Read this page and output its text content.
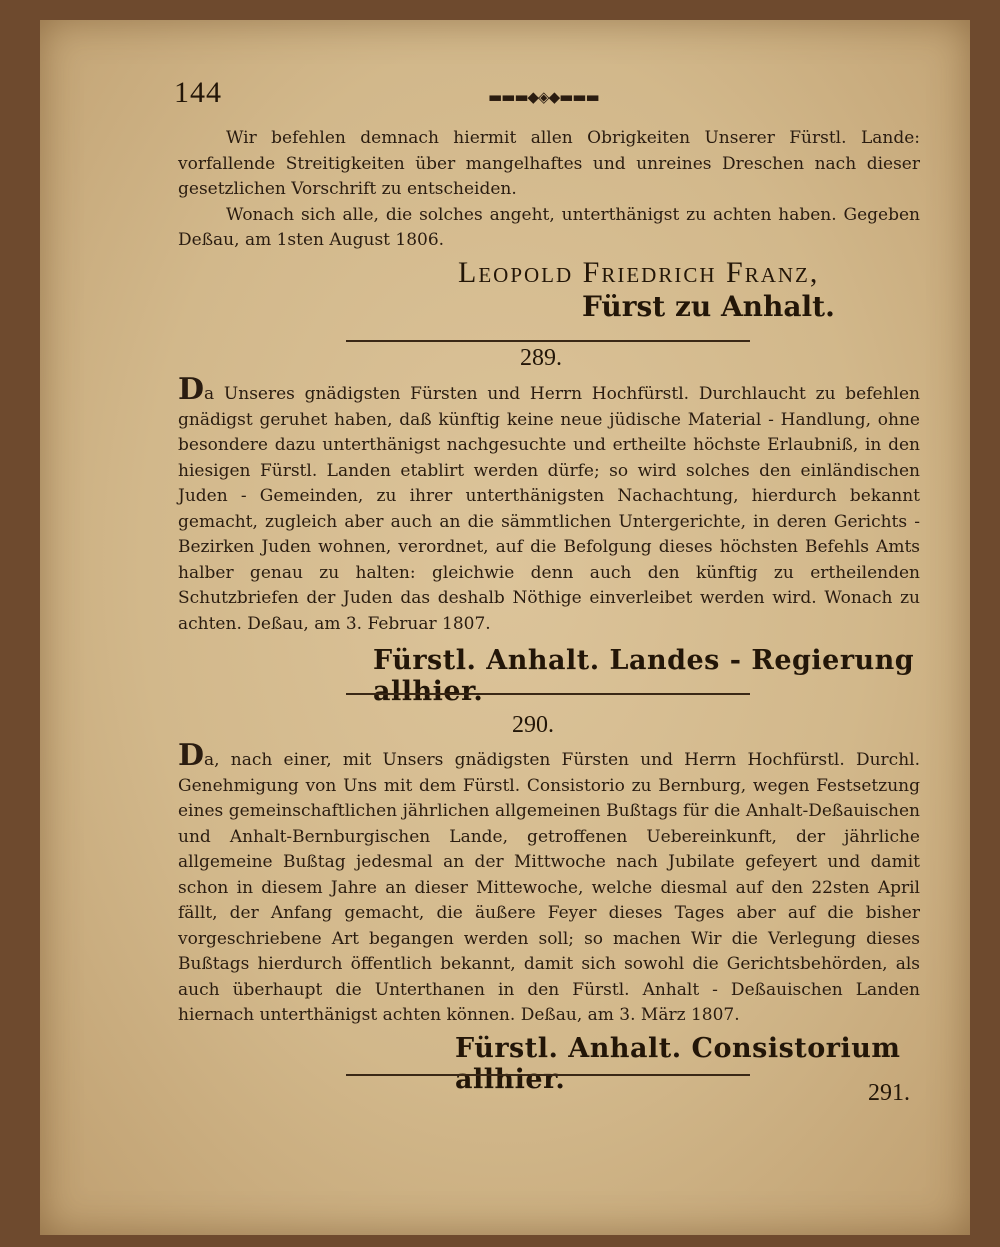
144	▬▬▬◆◈◆▬▬▬

Wir befehlen demnach hiermit allen Obrigkeiten Unserer Fürstl. Lande: vorfallende Streitigkeiten über mangelhaftes und unreines Dreschen nach dieser gesetzlichen Vorschrift zu entscheiden.

Wonach sich alle, die solches angeht, unterthänigst zu achten haben. Gegeben Deßau, am 1sten August 1806.

Leopold Friedrich Franz,
Fürst zu Anhalt.
289.

Da Unseres gnädigsten Fürsten und Herrn Hochfürstl. Durchlaucht zu befehlen gnädigst geruhet haben, daß künftig keine neue jüdische Material - Handlung, ohne besondere dazu unterthänigst nachgesuchte und ertheilte höchste Erlaubniß, in den hiesigen Fürstl. Landen etablirt werden dürfe; so wird solches den einländischen Juden - Gemeinden, zu ihrer unterthänigsten Nachachtung, hierdurch bekannt gemacht, zugleich aber auch an die sämmtlichen Untergerichte, in deren Gerichts - Bezirken Juden wohnen, verordnet, auf die Befolgung dieses höchsten Befehls Amts halber genau zu halten: gleichwie denn auch den künftig zu ertheilenden Schutzbriefen der Juden das deshalb Nöthige einverleibet werden wird. Wonach zu achten. Deßau, am 3. Februar 1807.

Fürstl. Anhalt. Landes - Regierung allhier.
290.

Da, nach einer, mit Unsers gnädigsten Fürsten und Herrn Hochfürstl. Durchl. Genehmigung von Uns mit dem Fürstl. Consistorio zu Bernburg, wegen Festsetzung eines gemeinschaftlichen jährlichen allgemeinen Bußtags für die Anhalt-Deßauischen und Anhalt-Bernburgischen Lande, getroffenen Uebereinkunft, der jährliche allgemeine Bußtag jedesmal an der Mittwoche nach Jubilate gefeyert und damit schon in diesem Jahre an dieser Mittewoche, welche diesmal auf den 22sten April fällt, der Anfang gemacht, die äußere Feyer dieses Tages aber auf die bisher vorgeschriebene Art begangen werden soll; so machen Wir die Verlegung dieses Bußtags hierdurch öffentlich bekannt, damit sich sowohl die Gerichtsbehörden, als auch überhaupt die Unterthanen in den Fürstl. Anhalt - Deßauischen Landen hiernach unterthänigst achten können. Deßau, am 3. März 1807.

Fürstl. Anhalt. Consistorium allhier.	291.
